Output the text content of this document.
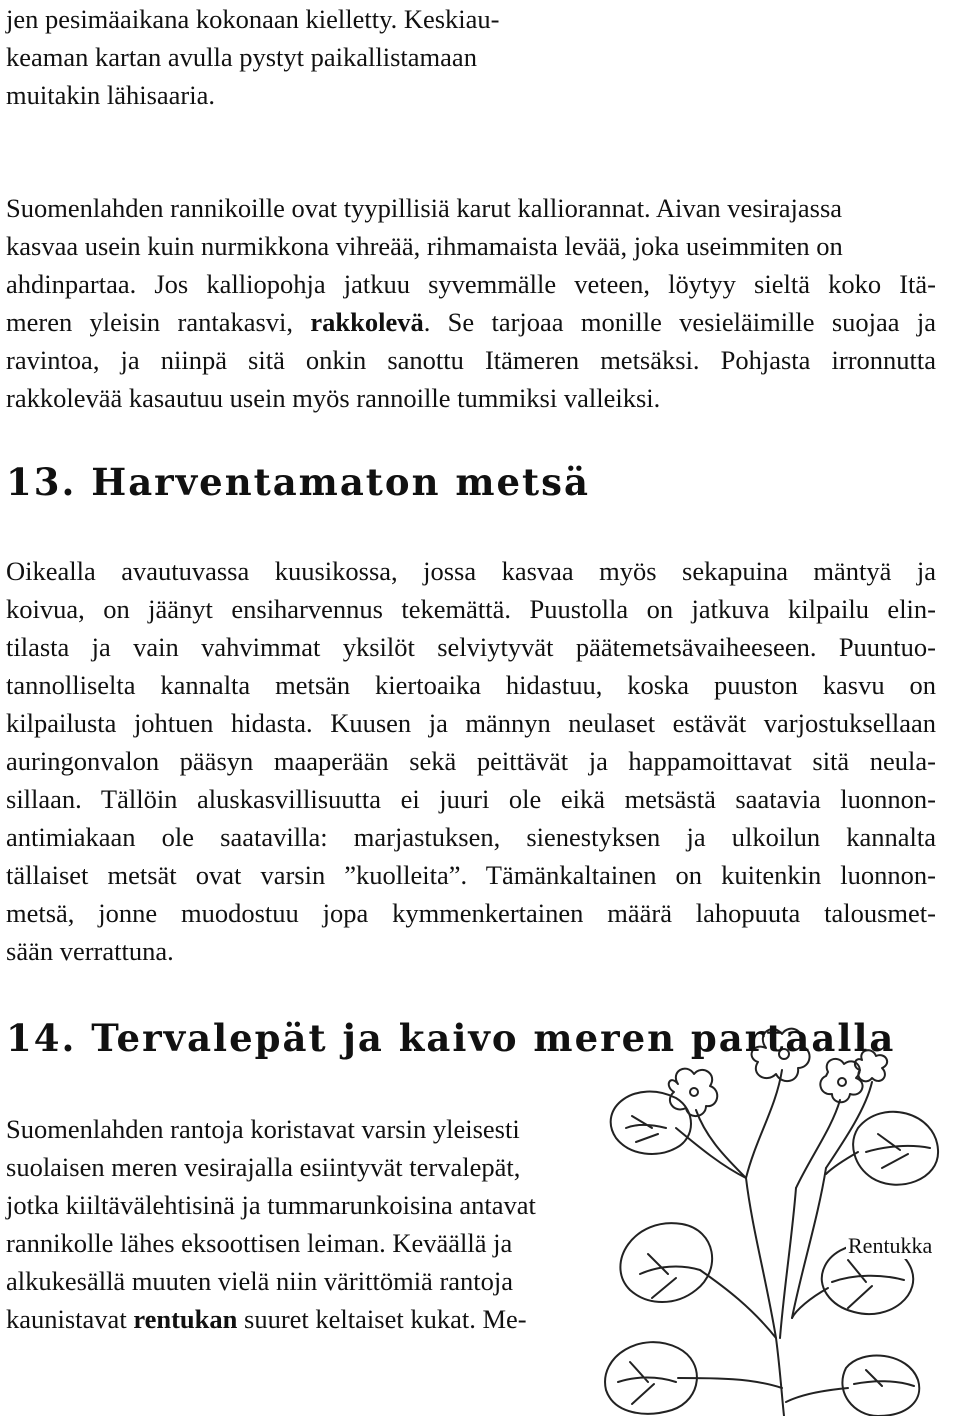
jen pesimäaikana kokonaan kielletty. Keskiau-

keaman kartan avulla pystyt paikallistamaan

muitakin lähisaaria.

Suomenlahden rannikoille ovat tyypillisiä karut kalliorannat. Aivan vesirajassa

kasvaa usein kuin nurmikkona vihreää, rihmamaista levää, joka useimmiten on

ahdinpartaa. Jos kalliopohja jatkuu syvemmälle veteen, löytyy sieltä koko Itä-

meren yleisin rantakasvi, rakkolevä. Se tarjoaa monille vesieläimille suojaa ja

ravintoa, ja niinpä sitä onkin sanottu Itämeren metsäksi. Pohjasta irronnutta

rakkolevää kasautuu usein myös rannoille tummiksi valleiksi.

13. Harventamaton metsä

Oikealla avautuvassa kuusikossa, jossa kasvaa myös sekapuina mäntyä ja

koivua, on jäänyt ensiharvennus tekemättä. Puustolla on jatkuva kilpailu elin-

tilasta ja vain vahvimmat yksilöt selviytyvät päätemetsävaiheeseen. Puuntuo-

tannolliselta kannalta metsän kiertoaika hidastuu, koska puuston kasvu on

kilpailusta johtuen hidasta. Kuusen ja männyn neulaset estävät varjostuksellaan

auringonvalon pääsyn maaperään sekä peittävät ja happamoittavat sitä neula-

sillaan. Tällöin aluskasvillisuutta ei juuri ole eikä metsästä saatavia luonnon-

antimiakaan ole saatavilla: marjastuksen, sienestyksen ja ulkoilun kannalta

tällaiset metsät ovat varsin ”kuolleita”. Tämänkaltainen on kuitenkin luonnon-

metsä, jonne muodostuu jopa kymmenkertainen määrä lahopuuta talousmet-

sään verrattuna.

14. Tervalepät ja kaivo meren partaalla

Rentukka

Suomenlahden rantoja koristavat varsin yleisesti

suolaisen meren vesirajalla esiintyvät tervalepät,

jotka kiiltävälehtisinä ja tummarunkoisina antavat

rannikolle lähes eksoottisen leiman. Keväällä ja

alkukesällä muuten vielä niin värittömiä rantoja

kaunistavat rentukan suuret keltaiset kukat. Me-
